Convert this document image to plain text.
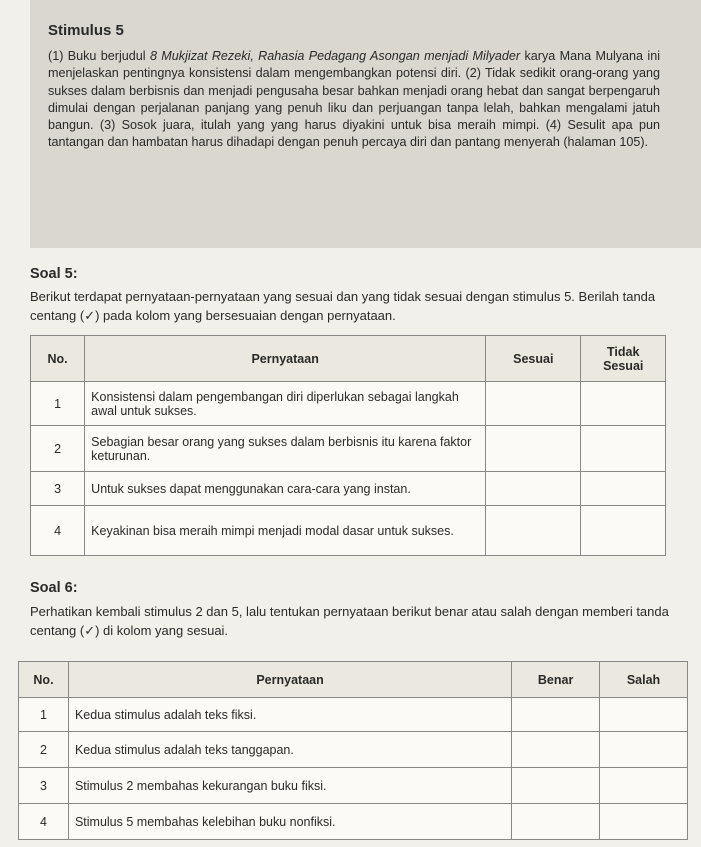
Stimulus 5
(1) Buku berjudul 8 Mukjizat Rezeki, Rahasia Pedagang Asongan menjadi Milyader karya Mana Mulyana ini menjelaskan pentingnya konsistensi dalam mengembangkan potensi diri. (2) Tidak sedikit orang-orang yang sukses dalam berbisnis dan menjadi pengusaha besar bahkan menjadi orang hebat dan sangat berpengaruh dimulai dengan perjalanan panjang yang penuh liku dan perjuangan tanpa lelah, bahkan mengalami jatuh bangun. (3) Sosok juara, itulah yang yang harus diyakini untuk bisa meraih mimpi. (4) Sesulit apa pun tantangan dan hambatan harus dihadapi dengan penuh percaya diri dan pantang menyerah (halaman 105).
Soal 5:
Berikut terdapat pernyataan-pernyataan yang sesuai dan yang tidak sesuai dengan stimulus 5. Berilah tanda centang (✓) pada kolom yang bersesuaian dengan pernyataan.
No.	Pernyataan	Sesuai	Tidak Sesuai
1	Konsistensi dalam pengembangan diri diperlukan sebagai langkah awal untuk sukses.		
2	Sebagian besar orang yang sukses dalam berbisnis itu karena faktor keturunan.		
3	Untuk sukses dapat menggunakan cara-cara yang instan.		
4	Keyakinan bisa meraih mimpi menjadi modal dasar untuk sukses.		
Soal 6:
Perhatikan kembali stimulus 2 dan 5, lalu tentukan pernyataan berikut benar atau salah dengan memberi tanda centang (✓) di kolom yang sesuai.
No.	Pernyataan	Benar	Salah
1	Kedua stimulus adalah teks fiksi.		
2	Kedua stimulus adalah teks tanggapan.		
3	Stimulus 2 membahas kekurangan buku fiksi.		
4	Stimulus 5 membahas kelebihan buku nonfiksi.		
